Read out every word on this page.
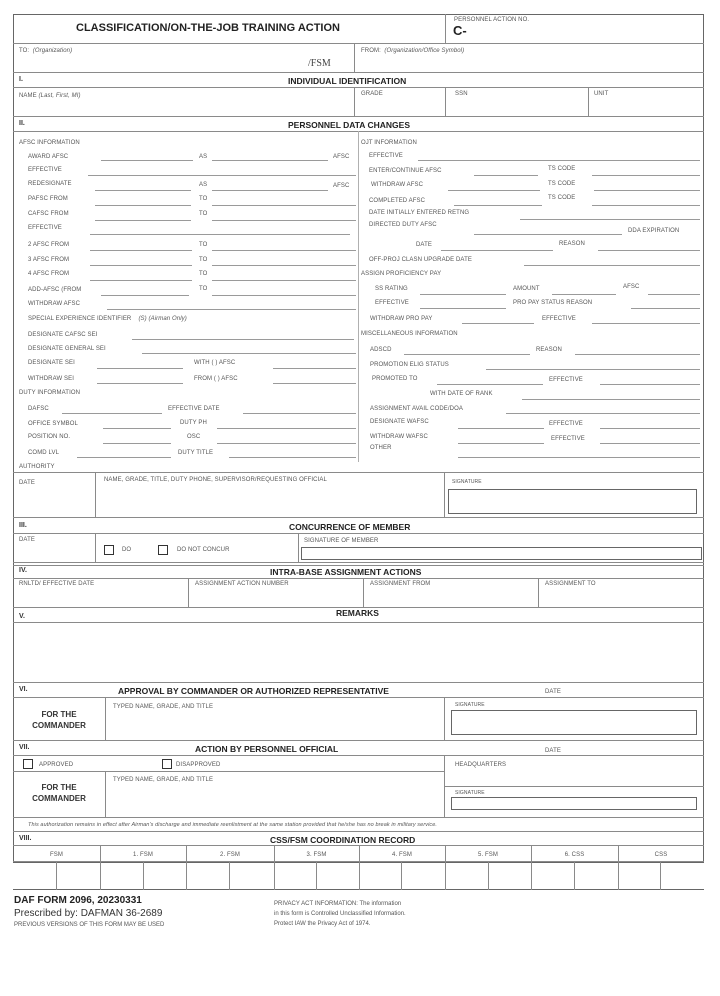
CLASSIFICATION/ON-THE-JOB TRAINING ACTION
PERSONNEL ACTION NO.
C-
TO: (Organization)
/FSM
FROM: (Organization/Office Symbol)
I.	INDIVIDUAL IDENTIFICATION
NAME (Last, First, MI)	GRADE	SSN	UNIT
II.	PERSONNEL DATA CHANGES
AFSC INFORMATION
AWARD AFSC	AS	AFSC
EFFECTIVE
REDESIGNATE	AS	AFSC
PAFSC FROM	TO
CAFSC FROM	TO
EFFECTIVE
2 AFSC FROM	TO
3 AFSC FROM	TO
4 AFSC FROM	TO
ADD-AFSC (FROM	TO
WITHDRAW AFSC
SPECIAL EXPERIENCE IDENTIFIER (S) (Airman Only)
DESIGNATE CAFSC SEI
DESIGNATE GENERAL SEI
DESIGNATE SEI	WITH ( ) AFSC
WITHDRAW SEI	FROM ( ) AFSC
DUTY INFORMATION
DAFSC	EFFECTIVE DATE
OFFICE SYMBOL	DUTY PH
POSITION NO.	OSC
COMD LVL	DUTY TITLE
OJT INFORMATION
EFFECTIVE
ENTER/CONTINUE AFSC	TS CODE
WITHDRAW AFSC	TS CODE
COMPLETED AFSC	TS CODE
DATE INITIALLY ENTERED RETNG
DIRECTED DUTY AFSC
DDA EXPIRATION
DATE	REASON
OFF-PROJ CLASN UPGRADE DATE
ASSIGN PROFICIENCY PAY
SS RATING	AMOUNT	AFSC
EFFECTIVE	PRO PAY STATUS REASON
WITHDRAW PRO PAY	EFFECTIVE
MISCELLANEOUS INFORMATION
ADSCD	REASON
PROMOTION ELIG STATUS
PROMOTED TO	EFFECTIVE
WITH DATE OF RANK
ASSIGNMENT AVAIL CODE/DOA
DESIGNATE WAFSC	EFFECTIVE
WITHDRAW WAFSC	EFFECTIVE
OTHER
AUTHORITY
DATE	NAME, GRADE, TITLE, DUTY PHONE, SUPERVISOR/REQUESTING OFFICIAL	SIGNATURE
III.	CONCURRENCE OF MEMBER
DATE
DO	DO NOT CONCUR
SIGNATURE OF MEMBER
IV.	INTRA-BASE ASSIGNMENT ACTIONS
RNLTD/ EFFECTIVE DATE	ASSIGNMENT ACTION NUMBER	ASSIGNMENT FROM	ASSIGNMENT TO
V.	REMARKS
VI.	APPROVAL BY COMMANDER OR AUTHORIZED REPRESENTATIVE	DATE
FOR THE
COMMANDER
TYPED NAME, GRADE, AND TITLE	SIGNATURE
VII.	ACTION BY PERSONNEL OFFICIAL	DATE
APPROVED	DISAPPROVED	HEADQUARTERS
FOR THE
COMMANDER
TYPED NAME, GRADE, AND TITLE
SIGNATURE
This authorization remains in effect after Airman's discharge and immediate reenlistment at the same station provided that he/she has no break in military service.
VIII.	CSS/FSM COORDINATION RECORD
FSM	1. FSM	2. FSM	3. FSM	4. FSM	5. FSM	6. CSS	CSS
DAF FORM 2096, 20230331
Prescribed by: DAFMAN 36-2689
PREVIOUS VERSIONS OF THIS FORM MAY BE USED
PRIVACY ACT INFORMATION: The information
in this form is Controlled Unclassified Information.
Protect IAW the Privacy Act of 1974.
